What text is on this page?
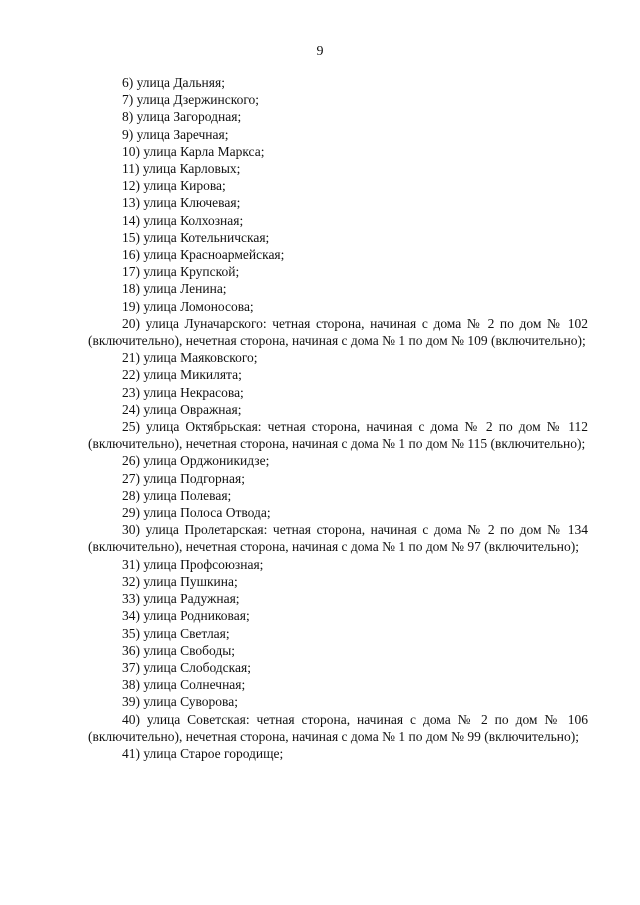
9
6) улица Дальняя;
7) улица Дзержинского;
8) улица Загородная;
9) улица Заречная;
10) улица Карла Маркса;
11) улица Карловых;
12) улица Кирова;
13) улица Ключевая;
14) улица Колхозная;
15) улица Котельничская;
16) улица Красноармейская;
17) улица Крупской;
18) улица Ленина;
19) улица Ломоносова;
20) улица Луначарского: четная сторона, начиная с дома № 2 по дом № 102 (включительно), нечетная сторона, начиная с дома № 1 по дом № 109 (включительно);
21) улица Маяковского;
22) улица Микилята;
23) улица Некрасова;
24) улица Овражная;
25) улица Октябрьская: четная сторона, начиная с дома № 2 по дом № 112 (включительно), нечетная сторона, начиная с дома № 1 по дом № 115 (включительно);
26) улица Орджоникидзе;
27) улица Подгорная;
28) улица Полевая;
29) улица Полоса Отвода;
30) улица Пролетарская: четная сторона, начиная с дома № 2 по дом № 134 (включительно), нечетная сторона, начиная с дома № 1 по дом № 97 (включительно);
31) улица Профсоюзная;
32) улица Пушкина;
33) улица Радужная;
34) улица Родниковая;
35) улица Светлая;
36) улица Свободы;
37) улица Слободская;
38) улица Солнечная;
39) улица Суворова;
40) улица Советская: четная сторона, начиная с дома № 2 по дом № 106 (включительно), нечетная сторона, начиная с дома № 1 по дом № 99 (включительно);
41) улица Старое городище;
